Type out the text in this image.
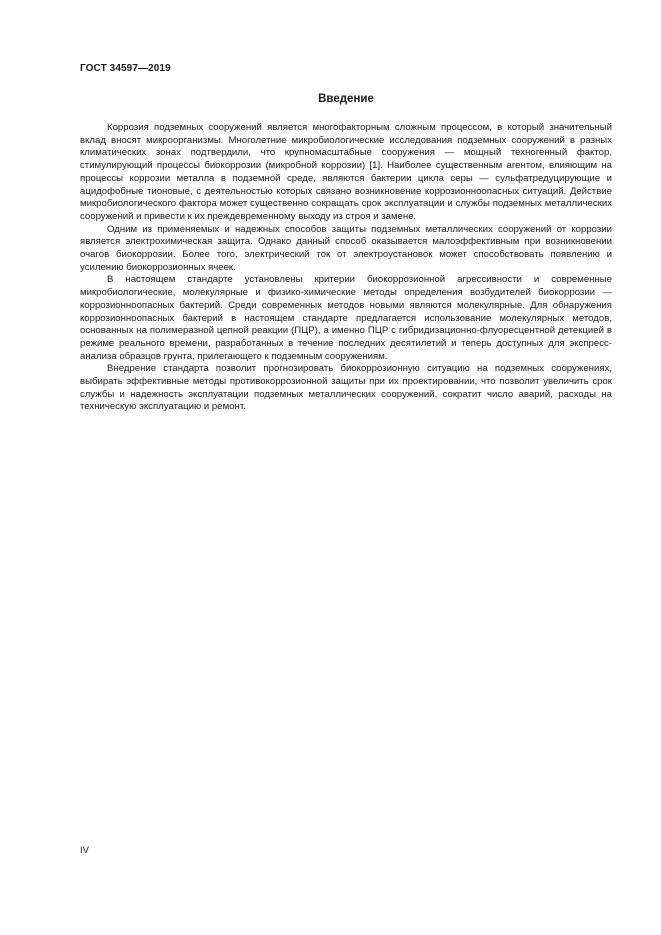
ГОСТ 34597—2019
Введение

Коррозия подземных сооружений является многофакторным сложным процессом, в который значительный вклад вносят микроорганизмы. Многолетние микробиологические исследования подземных сооружений в разных климатических зонах подтвердили, что крупномасштабные сооружения — мощный техногенный фактор, стимулирующий процессы биокоррозии (микробной коррозии) [1]. Наиболее существенным агентом, влияющим на процессы коррозии металла в подземной среде, являются бактерии цикла серы — сульфатредуцирующие и ацидофобные тионовые, с деятельностью которых связано возникновение коррозионноопасных ситуаций. Действие микробиологического фактора может существенно сокращать срок эксплуатации и службы подземных металлических сооружений и привести к их преждевременному выходу из строя и замене.

Одним из применяемых и надежных способов защиты подземных металлических сооружений от коррозии является электрохимическая защита. Однако данный способ оказывается малоэффективным при возникновении очагов биокоррозии. Более того, электрический ток от электроустановок может способствовать появлению и усилению биокоррозионных ячеек.

В настоящем стандарте установлены критерии биокоррозионной агрессивности и современные микробиологические, молекулярные и физико-химические методы определения возбудителей биокоррозии — коррозионноопасных бактерий. Среди современных методов новыми являются молекулярные. Для обнаружения коррозионноопасных бактерий в настоящем стандарте предлагается использование молекулярных методов, основанных на полимеразной цепной реакции (ПЦР), а именно ПЦР с гибридизационно-флуоресцентной детекцией в режиме реального времени, разработанных в течение последних десятилетий и теперь доступных для экспресс-анализа образцов грунта, прилегающего к подземным сооружениям.

Внедрение стандарта позволит прогнозировать биокоррозионную ситуацию на подземных сооружениях, выбирать эффективные методы противокоррозионной защиты при их проектировании, что позволит увеличить срок службы и надежность эксплуатации подземных металлических сооружений, сократит число аварий, расходы на техническую эксплуатацию и ремонт.

IV
